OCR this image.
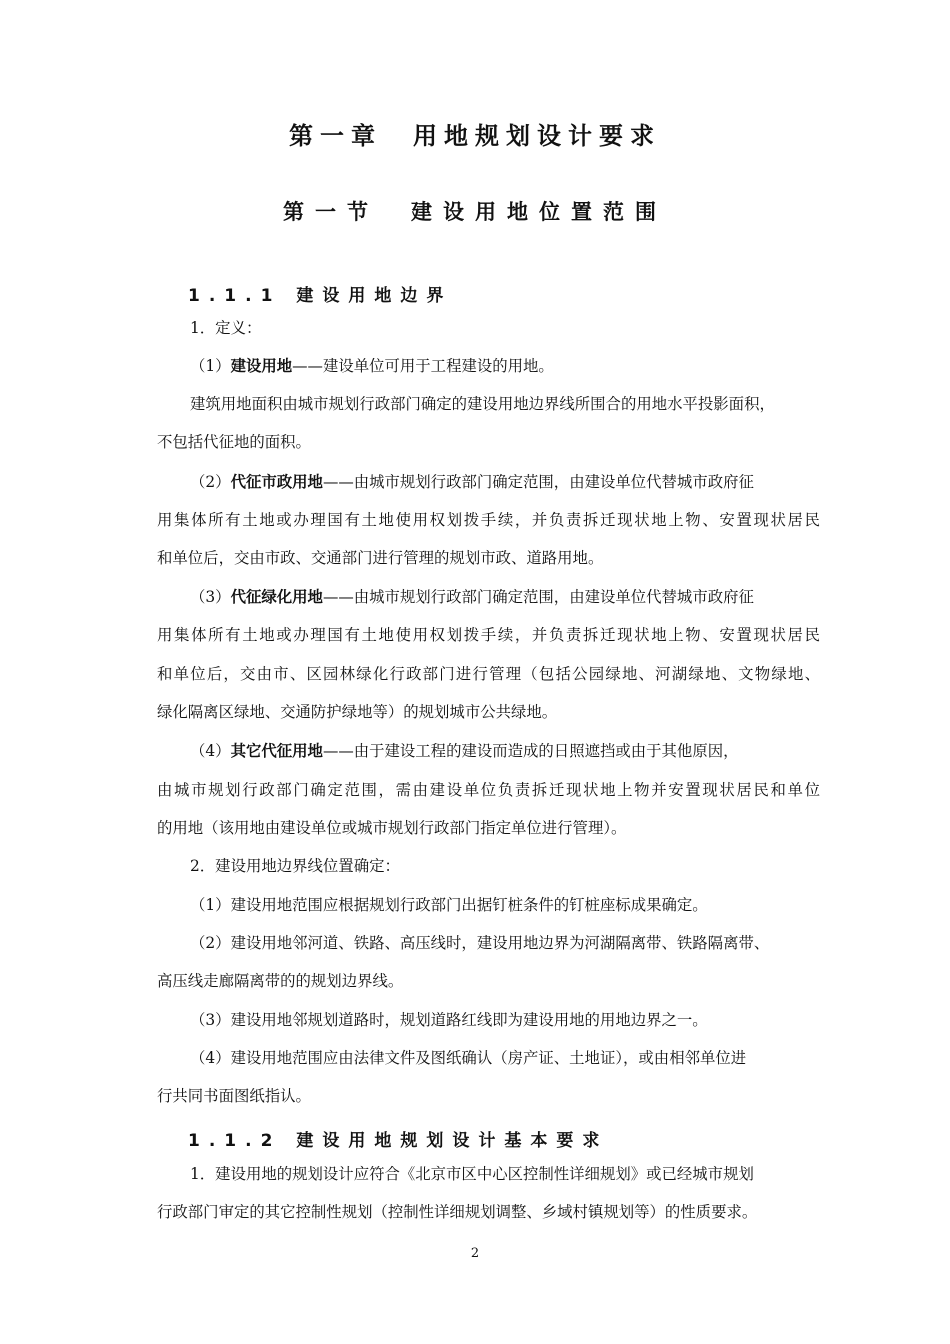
第一章　用地规划设计要求
第一节　建设用地位置范围
1.1.1 建设用地边界
1．定义：
（1）建设用地——建设单位可用于工程建设的用地。
建筑用地面积由城市规划行政部门确定的建设用地边界线所围合的用地水平投影面积，
不包括代征地的面积。
（2）代征市政用地——由城市规划行政部门确定范围，由建设单位代替城市政府征
用集体所有土地或办理国有土地使用权划拨手续，并负责拆迁现状地上物、安置现状居民
和单位后，交由市政、交通部门进行管理的规划市政、道路用地。
（3）代征绿化用地——由城市规划行政部门确定范围，由建设单位代替城市政府征
用集体所有土地或办理国有土地使用权划拨手续，并负责拆迁现状地上物、安置现状居民
和单位后，交由市、区园林绿化行政部门进行管理（包括公园绿地、河湖绿地、文物绿地、
绿化隔离区绿地、交通防护绿地等）的规划城市公共绿地。
（4）其它代征用地——由于建设工程的建设而造成的日照遮挡或由于其他原因，
由城市规划行政部门确定范围，需由建设单位负责拆迁现状地上物并安置现状居民和单位
的用地（该用地由建设单位或城市规划行政部门指定单位进行管理）。
2．建设用地边界线位置确定：
（1）建设用地范围应根据规划行政部门出据钉桩条件的钉桩座标成果确定。
（2）建设用地邻河道、铁路、高压线时，建设用地边界为河湖隔离带、铁路隔离带、
高压线走廊隔离带的的规划边界线。
（3）建设用地邻规划道路时，规划道路红线即为建设用地的用地边界之一。
（4）建设用地范围应由法律文件及图纸确认（房产证、土地证），或由相邻单位进
行共同书面图纸指认。
1.1.2 建设用地规划设计基本要求
1．建设用地的规划设计应符合《北京市区中心区控制性详细规划》或已经城市规划
行政部门审定的其它控制性规划（控制性详细规划调整、乡域村镇规划等）的性质要求。
2
